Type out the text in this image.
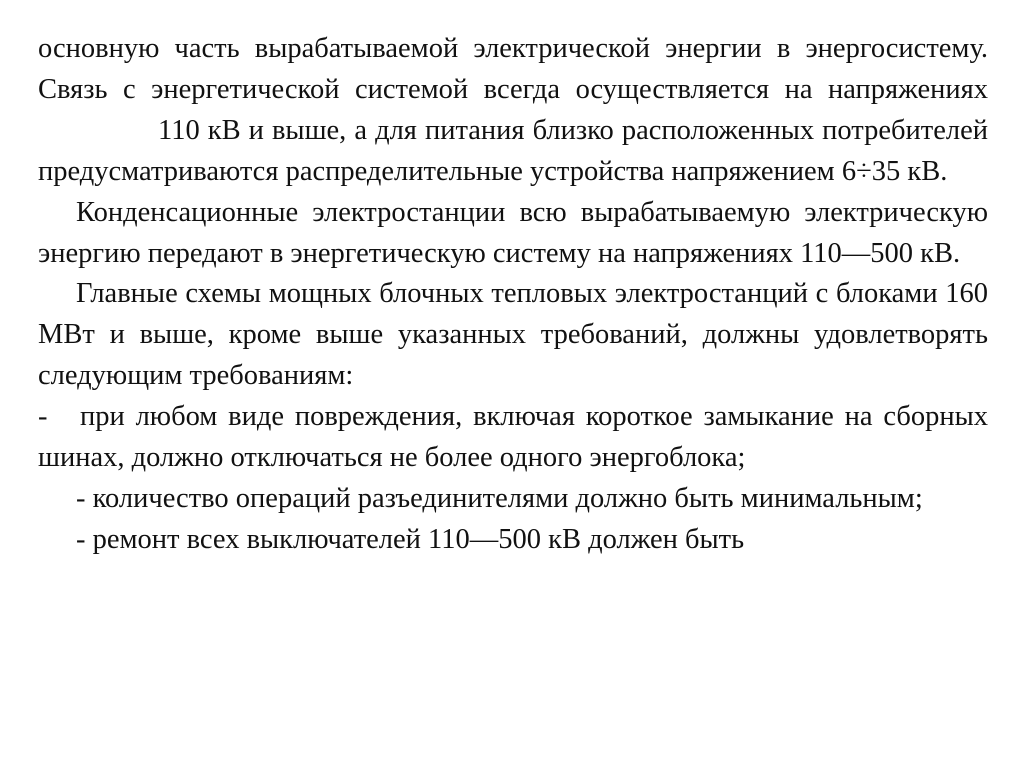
основную часть вырабатываемой электрической энергии в энергосистему. Связь с энергетической системой всегда осуществляется на напряжениях110 кВ и выше, а для питания близко расположенных потребителей предусматриваются распределительные устройства напряжением 6÷35 кВ.

Конденсационные электростанции всю вырабатываемую электрическую энергию передают в энергетическую систему на напряжениях 110—500 кВ.

Главные схемы мощных блочных тепловых электростанций с блоками 160 МВт и выше, кроме выше указанных требований, должны удовлетворять следующим требованиям:

-   при любом виде повреждения, включая короткое замыкание на сборных шинах, должно отключаться не более одного энергоблока;

- количество операций разъединителями должно быть минимальным;

- ремонт всех выключателей 110—500 кВ должен быть
